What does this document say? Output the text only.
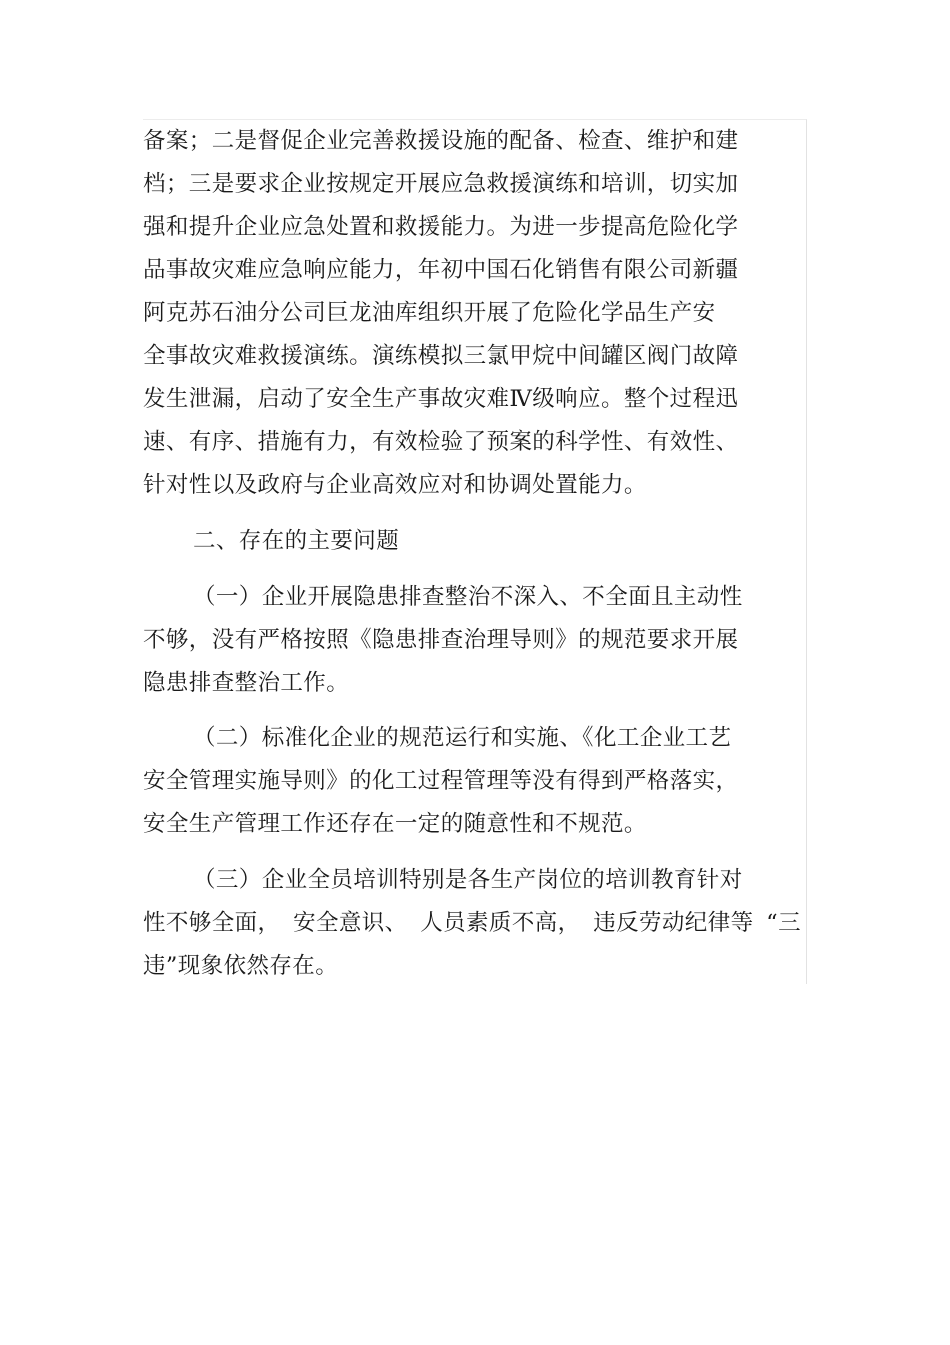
备案；二是督促企业完善救援设施的配备、检查、维护和建
档；三是要求企业按规定开展应急救援演练和培训，切实加
强和提升企业应急处置和救援能力。为进一步提高危险化学
品事故灾难应急响应能力，年初中国石化销售有限公司新疆
阿克苏石油分公司巨龙油库组织开展了危险化学品生产安
全事故灾难救援演练。演练模拟三氯甲烷中间罐区阀门故障
发生泄漏，启动了安全生产事故灾难Ⅳ级响应。整个过程迅
速、有序、措施有力，有效检验了预案的科学性、有效性、
针对性以及政府与企业高效应对和协调处置能力。
二、存在的主要问题
（一）企业开展隐患排查整治不深入、不全面且主动性
不够，没有严格按照《隐患排查治理导则》的规范要求开展
隐患排查整治工作。
（二）标准化企业的规范运行和实施、《化工企业工艺
安全管理实施导则》的化工过程管理等没有得到严格落实，
安全生产管理工作还存在一定的随意性和不规范。
（三）企业全员培训特别是各生产岗位的培训教育针对
性不够全面， 安全意识、 人员素质不高， 违反劳动纪律等 “三
违”现象依然存在。
